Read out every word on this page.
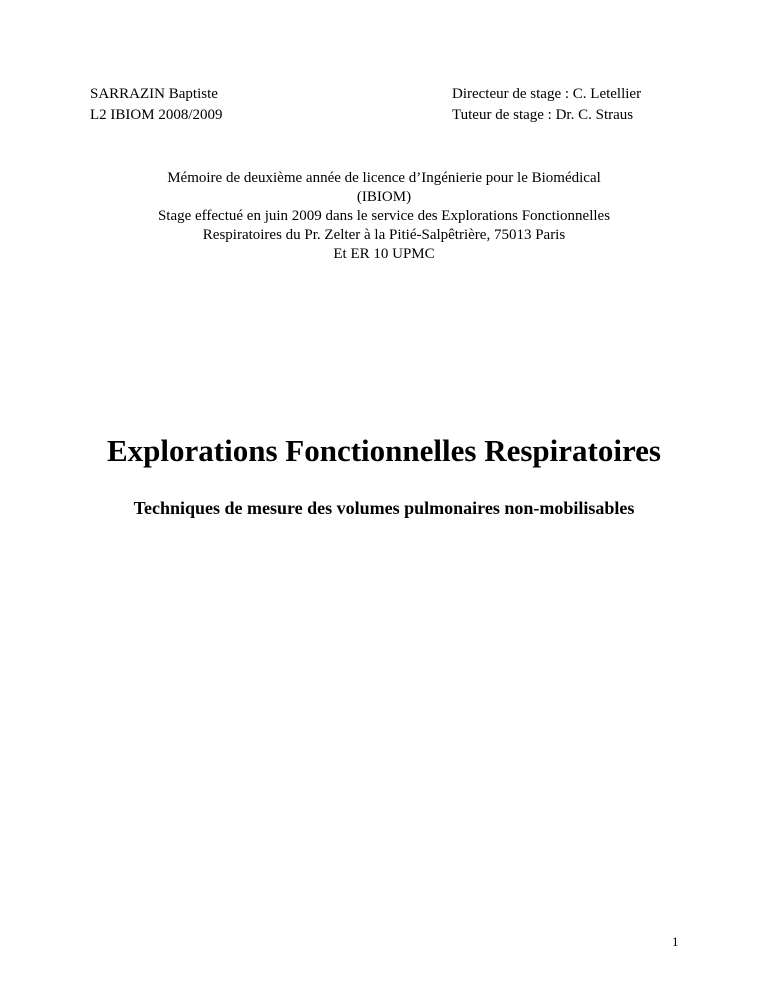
SARRAZIN Baptiste
L2 IBIOM 2008/2009
Directeur de stage : C. Letellier
Tuteur de stage : Dr. C. Straus
Mémoire de deuxième année de licence d’Ingénierie pour le Biomédical
(IBIOM)
Stage effectué en juin 2009 dans le service des Explorations Fonctionnelles
Respiratoires du Pr. Zelter à la Pitié-Salpêtrière, 75013 Paris
Et ER 10 UPMC
Explorations Fonctionnelles Respiratoires
Techniques de mesure des volumes pulmonaires non-mobilisables
1
